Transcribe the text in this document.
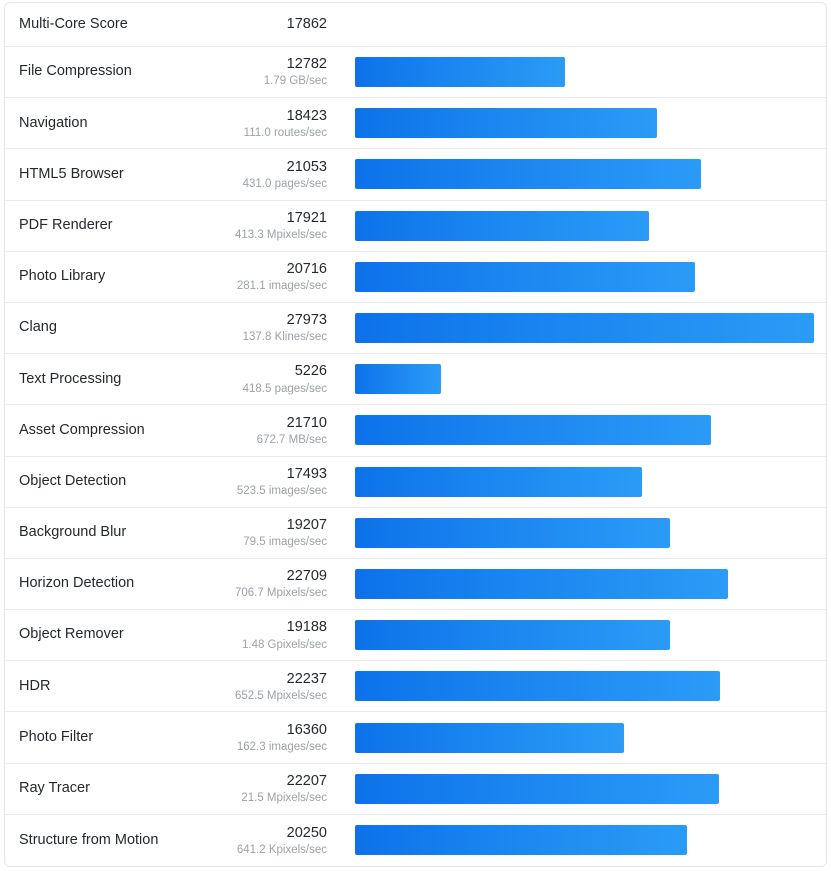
Multi-Core Score	17862
File Compression	12782
1.79 GB/sec
Navigation	18423
111.0 routes/sec
HTML5 Browser	21053
431.0 pages/sec
PDF Renderer	17921
413.3 Mpixels/sec
Photo Library	20716
281.1 images/sec
Clang	27973
137.8 Klines/sec
Text Processing	5226
418.5 pages/sec
Asset Compression	21710
672.7 MB/sec
Object Detection	17493
523.5 images/sec
Background Blur	19207
79.5 images/sec
Horizon Detection	22709
706.7 Mpixels/sec
Object Remover	19188
1.48 Gpixels/sec
HDR	22237
652.5 Mpixels/sec
Photo Filter	16360
162.3 images/sec
Ray Tracer	22207
21.5 Mpixels/sec
Structure from Motion	20250
641.2 Kpixels/sec
